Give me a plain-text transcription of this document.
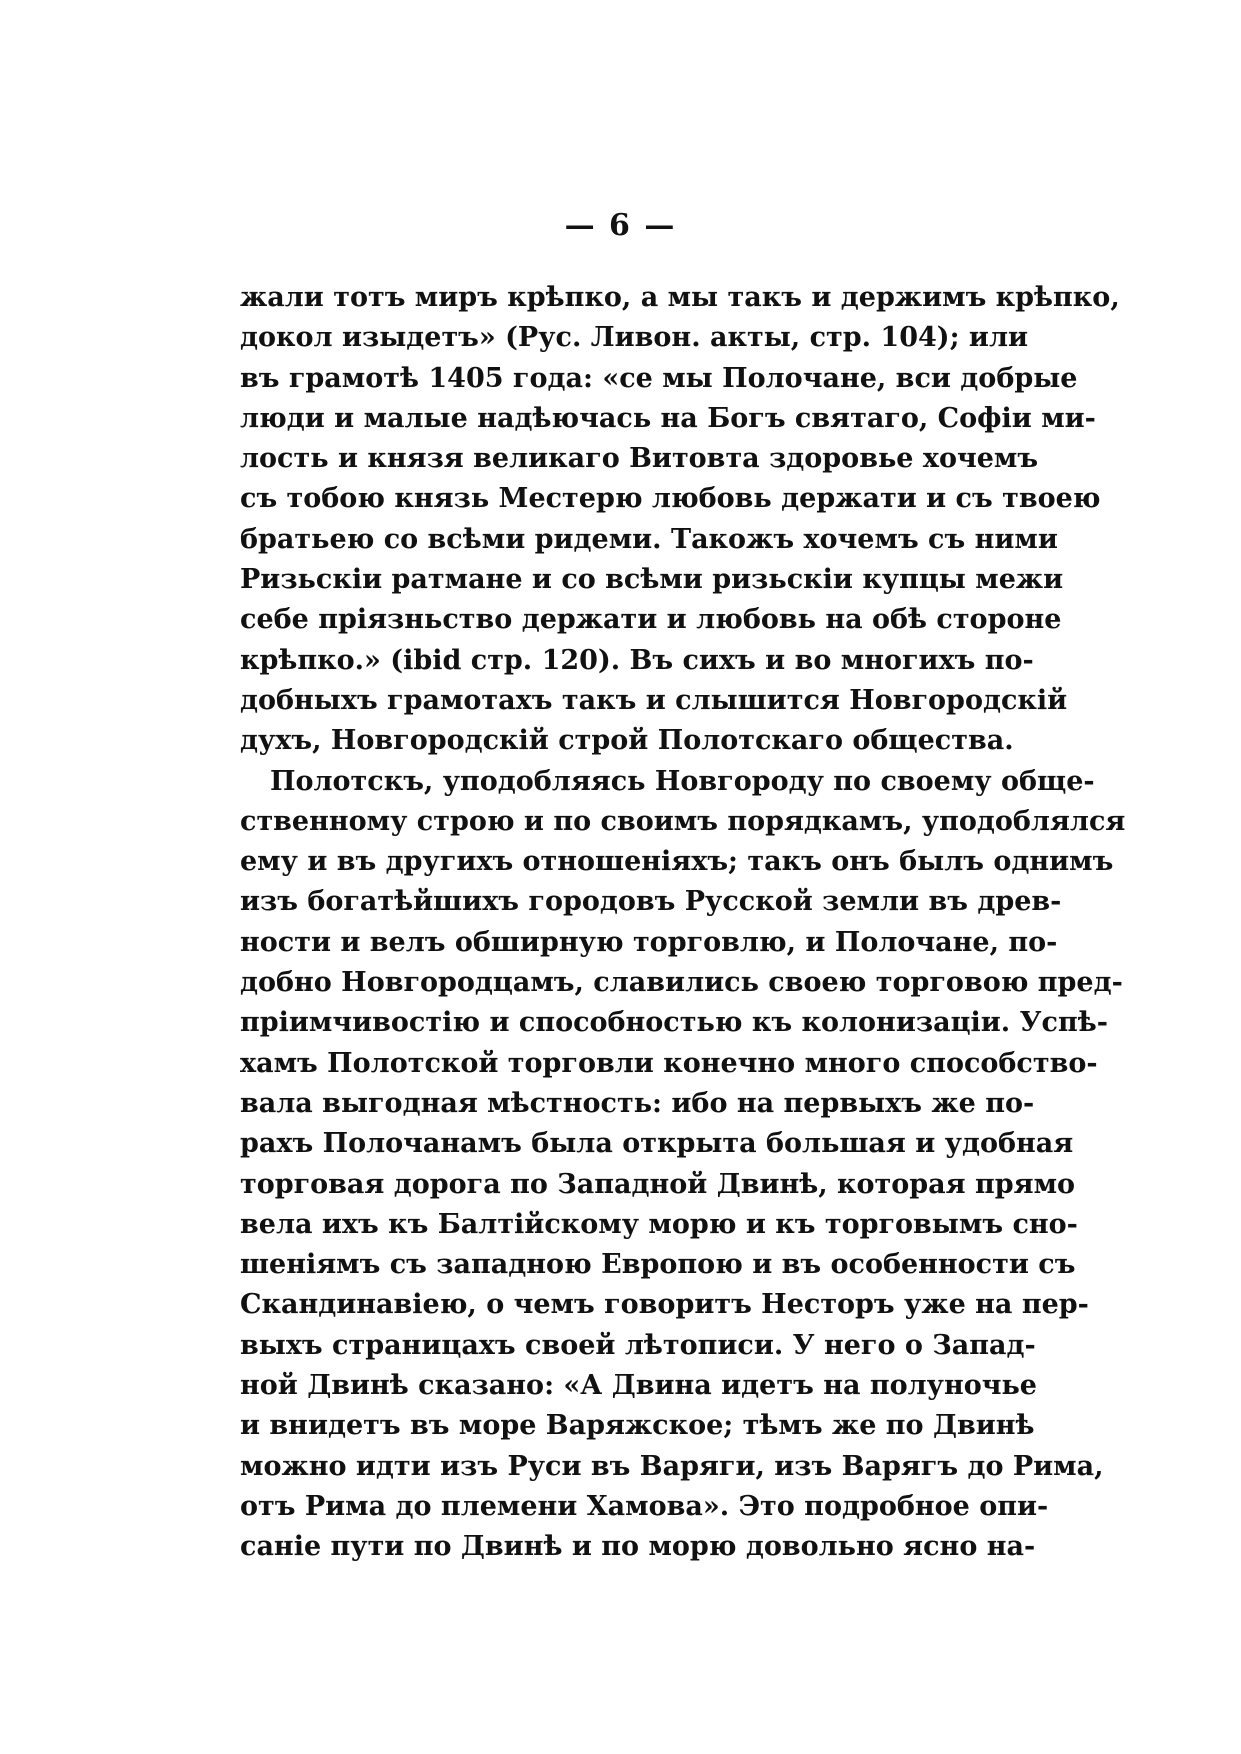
— 6 —
жали тотъ миръ крѣпко, а мы такъ и держимъ крѣпко,
докол изыдетъ» (Рус. Ливон. акты, стр. 104); или
въ грамотѣ 1405 года: «се мы Полочане, вси добрые
люди и малые надѣючась на Богъ святаго, Софiи ми-
лость и князя великаго Витовта здоровье хочемъ
съ тобою князь Местерю любовь держати и съ твоею
братьею со всѣми ридеми. Такожъ хочемъ съ ними
Ризьскiи ратмане и со всѣми ризьскiи купцы межи
себе прiязньство держати и любовь на обѣ стороне
крѣпко.» (ibid стр. 120). Въ сихъ и во многихъ по-
добныхъ грамотахъ такъ и слышится Новгородскiй
духъ, Новгородскiй строй Полотскаго общества.
Полотскъ, уподобляясь Новгороду по своему обще-
ственному строю и по своимъ порядкамъ, уподоблялся
ему и въ другихъ отношенiяхъ; такъ онъ былъ однимъ
изъ богатѣйшихъ городовъ Русской земли въ древ-
ности и велъ обширную торговлю, и Полочане, по-
добно Новгородцамъ, славились своею торговою пред-
прiимчивостiю и способностью къ колонизацiи. Успѣ-
хамъ Полотской торговли конечно много способство-
вала выгодная мѣстность: ибо на первыхъ же по-
рахъ Полочанамъ была открыта большая и удобная
торговая дорога по Западной Двинѣ, которая прямо
вела ихъ къ Балтiйскому морю и къ торговымъ сно-
шенiямъ съ западною Европою и въ особенности съ
Скандинавiею, о чемъ говоритъ Несторъ уже на пер-
выхъ страницахъ своей лѣтописи. У него о Запад-
ной Двинѣ сказано: «А Двина идетъ на полуночье
и внидетъ въ море Варяжское; тѣмъ же по Двинѣ
можно идти изъ Руси въ Варяги, изъ Варягъ до Рима,
отъ Рима до племени Хамова». Это подробное опи-
санiе пути по Двинѣ и по морю довольно ясно на-
